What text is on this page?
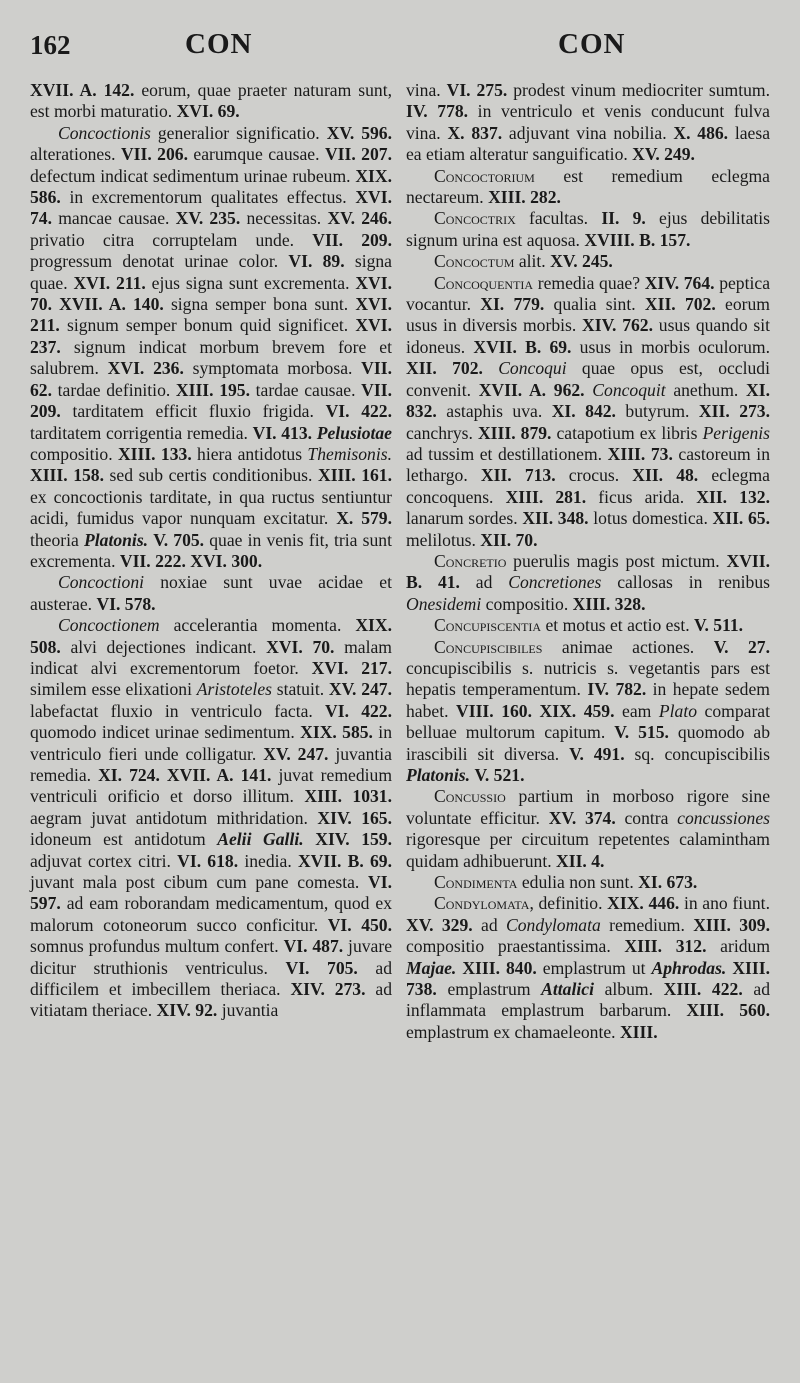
162	CON	CON

XVII. A. 142. eorum, quae praeter naturam sunt, est morbi maturatio. XVI. 69.

Concoctionis generalior significatio. XV. 596. alterationes. VII. 206. earumque causae. VII. 207. defectum indicat sedimentum urinae rubeum. XIX. 586. in excrementorum qualitates effectus. XVI. 74. mancae causae. XV. 235. necessitas. XV. 246. privatio citra corruptelam unde. VII. 209. progressum denotat urinae color. VI. 89. signa quae. XVI. 211. ejus signa sunt excrementa. XVI. 70. XVII. A. 140. signa semper bona sunt. XVI. 211. signum semper bonum quid significet. XVI. 237. signum indicat morbum brevem fore et salubrem. XVI. 236. symptomata morbosa. VII. 62. tardae definitio. XIII. 195. tardae causae. VII. 209. tarditatem efficit fluxio frigida. VI. 422. tarditatem corrigentia remedia. VI. 413. Pelusiotae compositio. XIII. 133. hiera antidotus Themisonis. XIII. 158. sed sub certis conditionibus. XIII. 161. ex concoctionis tarditate, in qua ructus sentiuntur acidi, fumidus vapor nunquam excitatur. X. 579. theoria Platonis. V. 705. quae in venis fit, tria sunt excrementa. VII. 222. XVI. 300.

Concoctioni noxiae sunt uvae acidae et austerae. VI. 578.

Concoctionem accelerantia momenta. XIX. 508. alvi dejectiones indicant. XVI. 70. malam indicat alvi excrementorum foetor. XVI. 217. similem esse elixationi Aristoteles statuit. XV. 247. labefactat fluxio in ventriculo facta. VI. 422. quomodo indicet urinae sedimentum. XIX. 585. in ventriculo fieri unde colligatur. XV. 247. juvantia remedia. XI. 724. XVII. A. 141. juvat remedium ventriculi orificio et dorso illitum. XIII. 1031. aegram juvat antidotum mithridation. XIV. 165. idoneum est antidotum Aelii Galli. XIV. 159. adjuvat cortex citri. VI. 618. inedia. XVII. B. 69. juvant mala post cibum cum pane comesta. VI. 597. ad eam roborandam medicamentum, quod ex malorum cotoneorum succo conficitur. VI. 450. somnus profundus multum confert. VI. 487. juvare dicitur struthionis ventriculus. VI. 705. ad difficilem et imbecillem theriaca. XIV. 273. ad vitiatam theriace. XIV. 92. juvantia

vina. VI. 275. prodest vinum mediocriter sumtum. IV. 778. in ventriculo et venis conducunt fulva vina. X. 837. adjuvant vina nobilia. X. 486. laesa ea etiam alteratur sanguificatio. XV. 249.

Concoctorium est remedium eclegma nectareum. XIII. 282.

Concoctrix facultas. II. 9. ejus debilitatis signum urina est aquosa. XVIII. B. 157.

Concoctum alit. XV. 245.

Concoquentia remedia quae? XIV. 764. peptica vocantur. XI. 779. qualia sint. XII. 702. eorum usus in diversis morbis. XIV. 762. usus quando sit idoneus. XVII. B. 69. usus in morbis oculorum. XII. 702. Concoqui quae opus est, occludi convenit. XVII. A. 962. Concoquit anethum. XI. 832. astaphis uva. XI. 842. butyrum. XII. 273. canchrys. XIII. 879. catapotium ex libris Perigenis ad tussim et destillationem. XIII. 73. castoreum in lethargo. XII. 713. crocus. XII. 48. eclegma concoquens. XIII. 281. ficus arida. XII. 132. lanarum sordes. XII. 348. lotus domestica. XII. 65. melilotus. XII. 70.

Concretio puerulis magis post mictum. XVII. B. 41. ad Concretiones callosas in renibus Onesidemi compositio. XIII. 328.

Concupiscentia et motus et actio est. V. 511.

Concupiscibiles animae actiones. V. 27. concupiscibilis s. nutricis s. vegetantis pars est hepatis temperamentum. IV. 782. in hepate sedem habet. VIII. 160. XIX. 459. eam Plato comparat belluae multorum capitum. V. 515. quomodo ab irascibili sit diversa. V. 491. sq. concupiscibilis Platonis. V. 521.

Concussio partium in morboso rigore sine voluntate efficitur. XV. 374. contra concussiones rigoresque per circuitum repetentes calamintham quidam adhibuerunt. XII. 4.

Condimenta edulia non sunt. XI. 673.

Condylomata, definitio. XIX. 446. in ano fiunt. XV. 329. ad Condylomata remedium. XIII. 309. compositio praestantissima. XIII. 312. aridum Majae. XIII. 840. emplastrum ut Aphrodas. XIII. 738. emplastrum Attalici album. XIII. 422. ad inflammata emplastrum barbarum. XIII. 560. emplastrum ex chamaeleonte. XIII.
